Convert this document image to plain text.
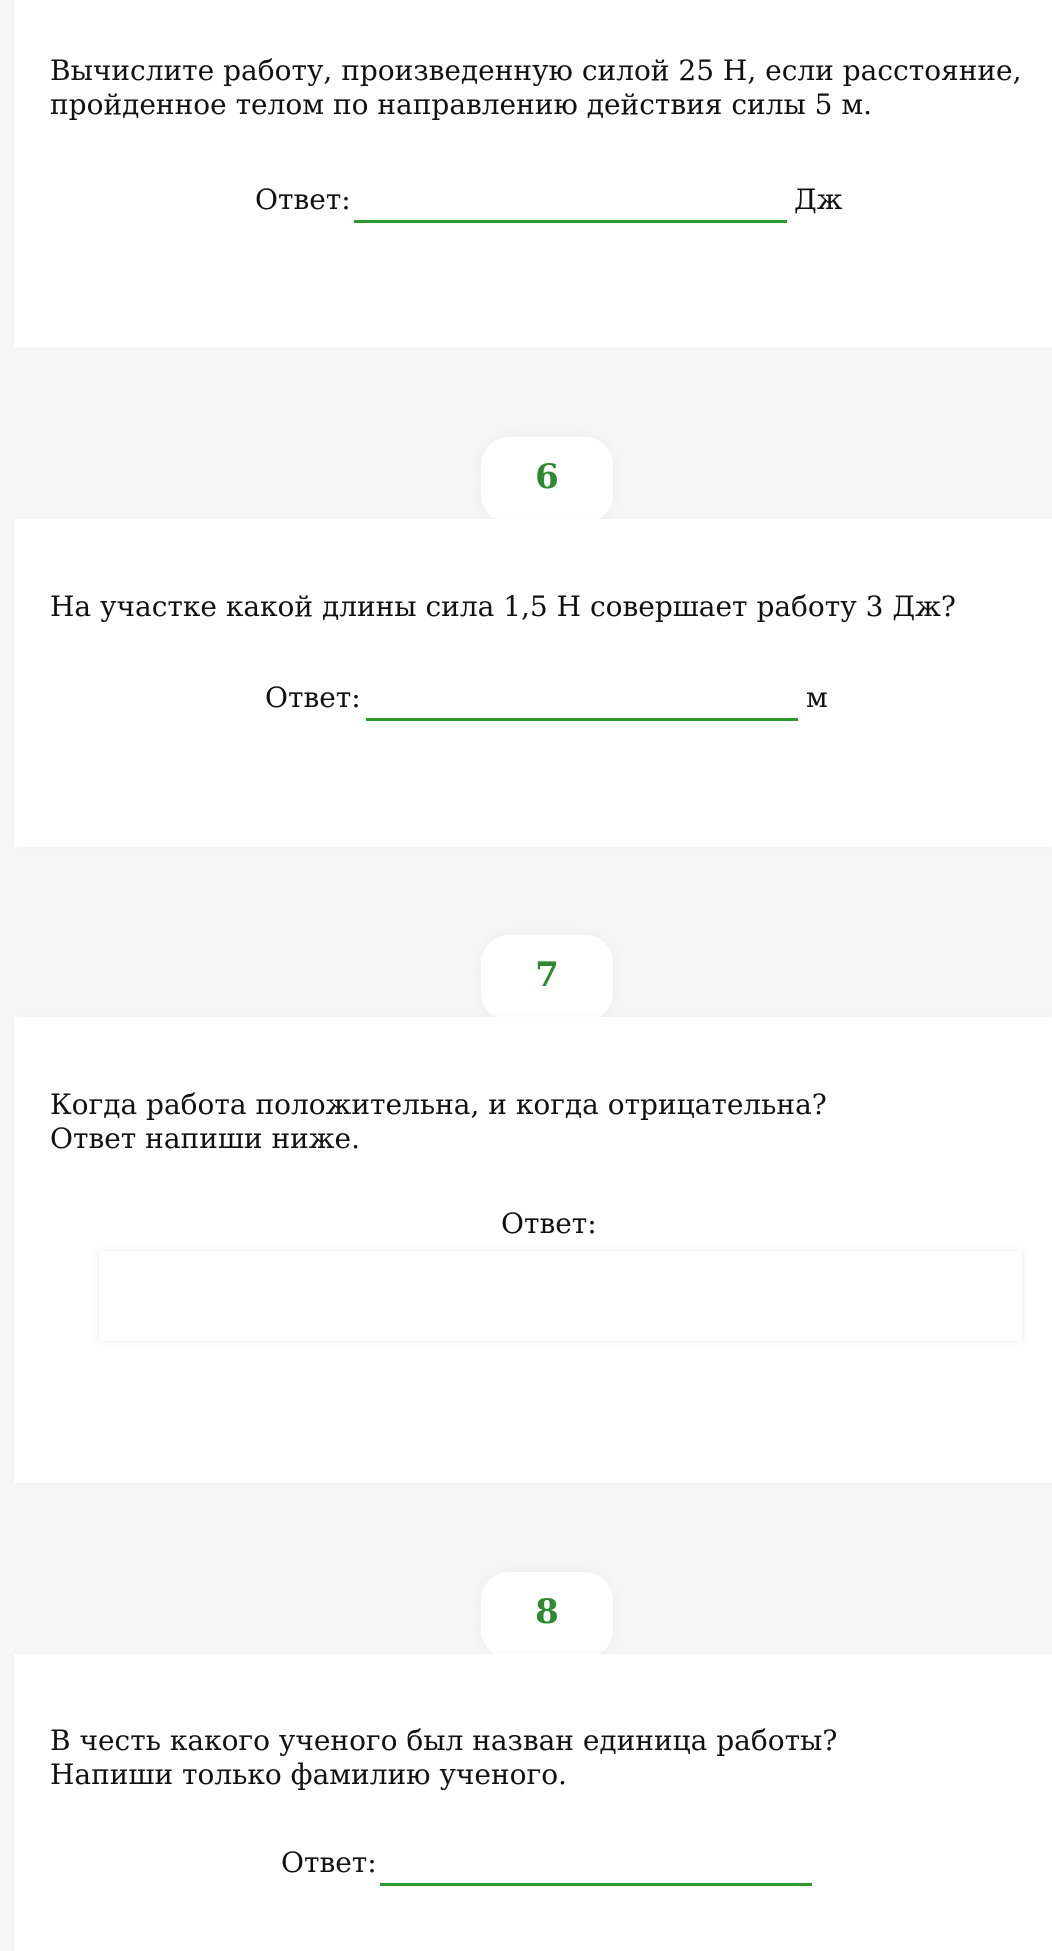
Вычислите работу, произведенную силой 25 Н, если расстояние,
пройденное телом по направлению действия силы 5 м.
Ответ:	Дж
6
На участке какой длины сила 1,5 Н совершает работу 3 Дж?
Ответ:	м
7
Когда работа положительна, и когда отрицательна?
Ответ напиши ниже.
Ответ:
8
В честь какого ученого был назван единица работы?
Напиши только фамилию ученого.
Ответ:
